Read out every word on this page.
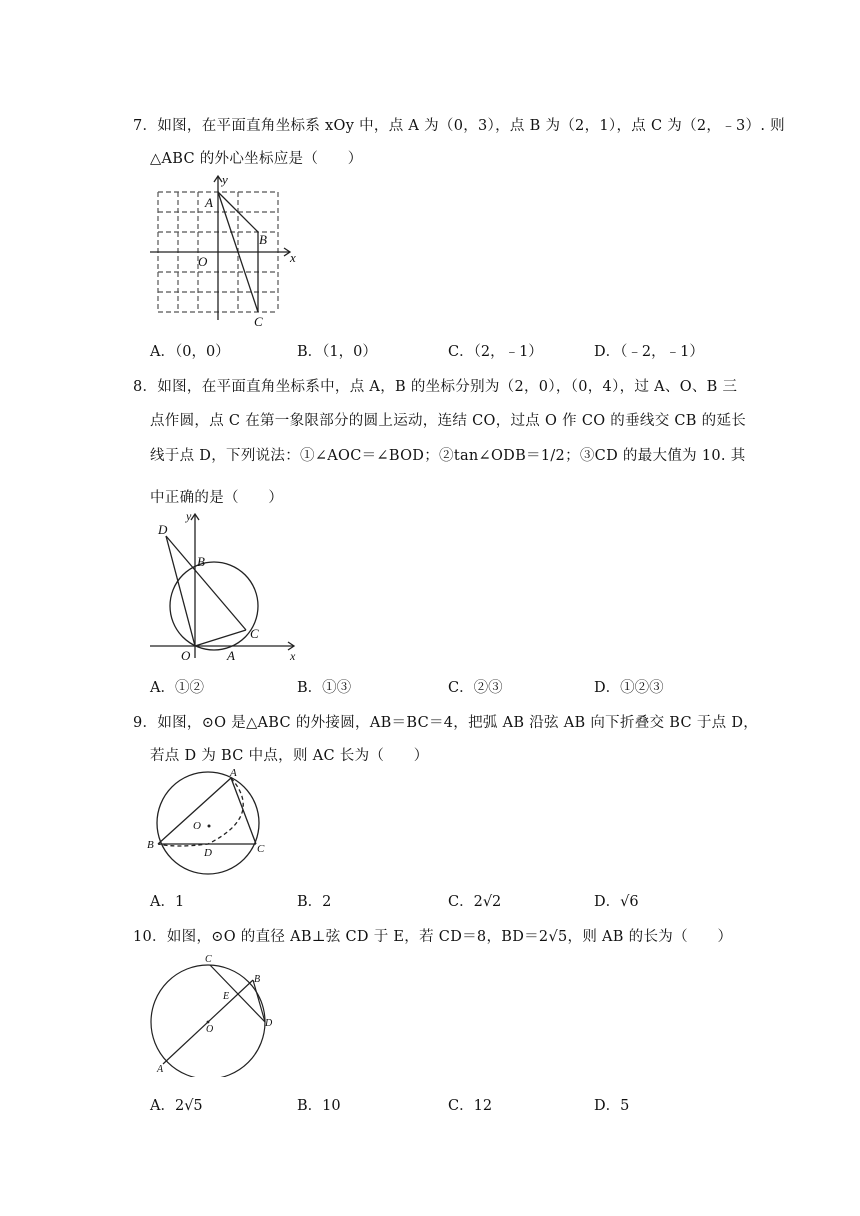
7．如图，在平面直角坐标系 xOy 中，点 A 为（0，3），点 B 为（2，1），点 C 为（2，﹣3）. 则
△ABC 的外心坐标应是（　　）
y
x
A
B
O
C
A．（0，0）	B．（1，0）	C．（2，﹣1）	D．（﹣2，﹣1）
8．如图，在平面直角坐标系中，点 A，B 的坐标分别为（2，0），（0，4），过 A、O、B 三
点作圆，点 C 在第一象限部分的圆上运动，连结 CO，过点 O 作 CO 的垂线交 CB 的延长
线于点 D，下列说法：①∠AOC＝∠BOD；②tan∠ODB＝1/2；③CD 的最大值为 10. 其
中正确的是（　　）
y
x
D
B
C
O	A
A．①②	B．①③	C．②③	D．①②③
9．如图，⊙O 是△ABC 的外接圆，AB＝BC＝4，把弧 AB 沿弦 AB 向下折叠交 BC 于点 D，
若点 D 为 BC 中点，则 AC 长为（　　）
A
O
B
D	C
A．1	B．2	C．2√2	D．√6
10．如图，⊙O 的直径 AB⊥弦 CD 于 E，若 CD＝8，BD＝2√5，则 AB 的长为（　　）
C
B
E
O
D
A
A．2√5	B．10	C．12	D．5
